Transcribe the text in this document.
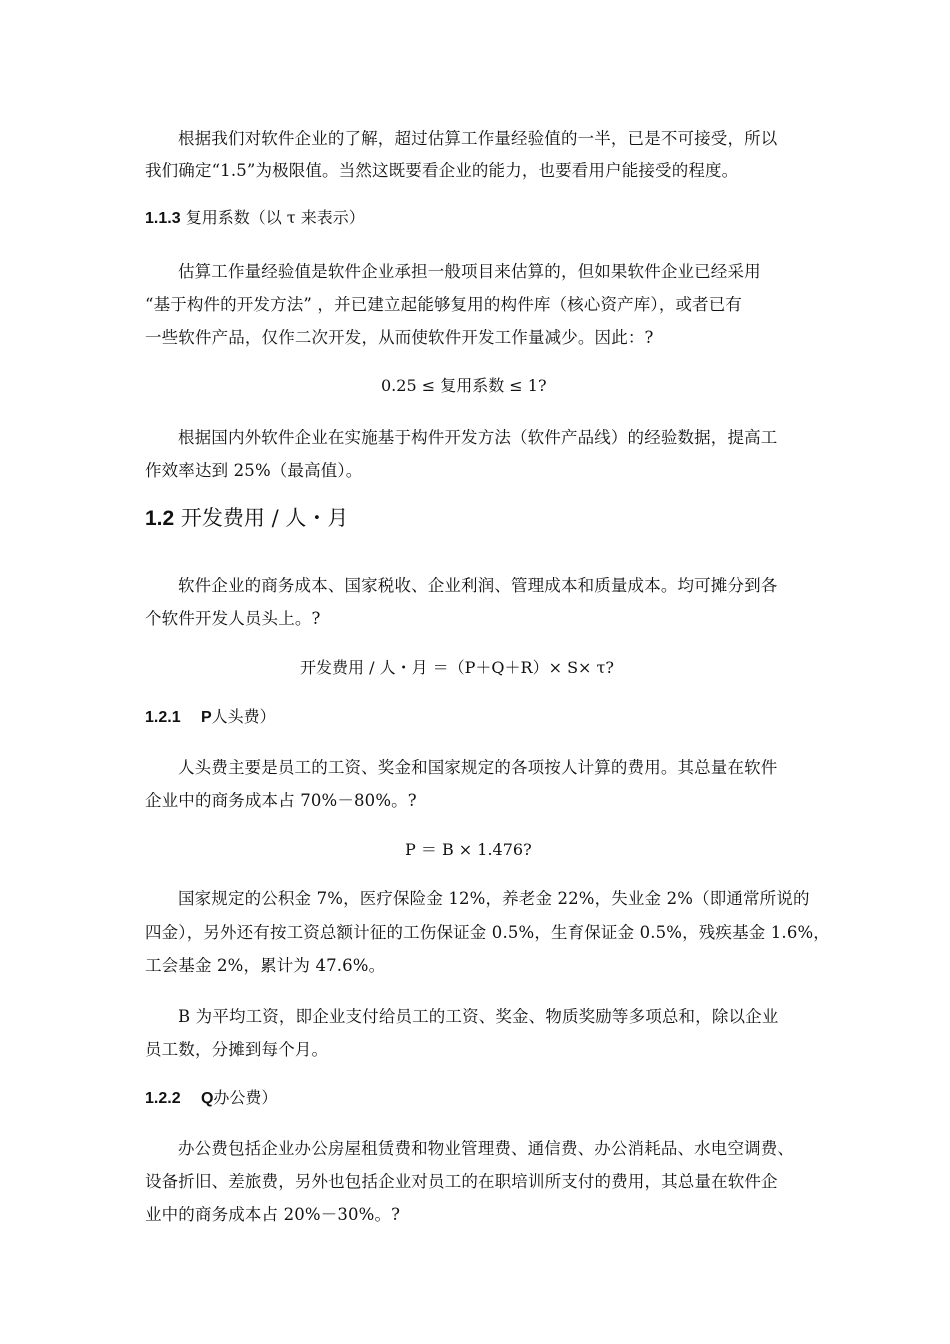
根据我们对软件企业的了解，超过估算工作量经验值的一半，已是不可接受，所以

我们确定“1.5”为极限值。当然这既要看企业的能力，也要看用户能接受的程度。

1.1.3 复用系数（以 τ 来表示）

估算工作量经验值是软件企业承担一般项目来估算的，但如果软件企业已经采用

“基于构件的开发方法” ，并已建立起能够复用的构件库（核心资产库），或者已有

一些软件产品，仅作二次开发，从而使软件开发工作量减少。因此：?

0.25 ≤ 复用系数 ≤ 1?

根据国内外软件企业在实施基于构件开发方法（软件产品线）的经验数据，提高工

作效率达到 25%（最高值）。

1.2 开发费用 / 人・月

软件企业的商务成本、国家税收、企业利润、管理成本和质量成本。均可摊分到各

个软件开发人员头上。?

开发费用 / 人・月 ＝（P＋Q＋R）× S× τ?

1.2.1 P人头费）

人头费主要是员工的工资、奖金和国家规定的各项按人计算的费用。其总量在软件

企业中的商务成本占 70%－80%。?

P ＝ B × 1.476?

国家规定的公积金 7%，医疗保险金 12%，养老金 22%，失业金 2%（即通常所说的

四金），另外还有按工资总额计征的工伤保证金 0.5%，生育保证金 0.5%，残疾基金 1.6%，

工会基金 2%，累计为 47.6%。

B 为平均工资，即企业支付给员工的工资、奖金、物质奖励等多项总和，除以企业

员工数，分摊到每个月。

1.2.2 Q办公费）

办公费包括企业办公房屋租赁费和物业管理费、通信费、办公消耗品、水电空调费、

设备折旧、差旅费，另外也包括企业对员工的在职培训所支付的费用，其总量在软件企

业中的商务成本占 20%－30%。?
